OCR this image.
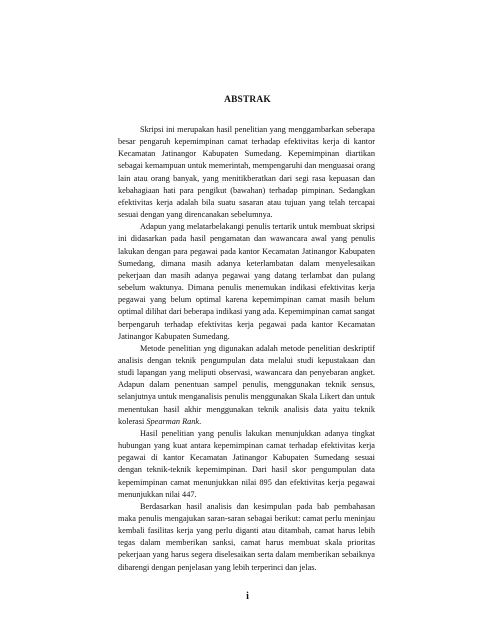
ABSTRAK

Skripsi ini merupakan hasil penelitian yang menggambarkan seberapa besar pengaruh kepemimpinan camat terhadap efektivitas kerja di kantor Kecamatan Jatinangor Kabupaten Sumedang. Kepemimpinan diartikan sebagai kemampuan untuk memerintah, mempengaruhi dan menguasai orang lain atau orang banyak, yang menitikberatkan dari segi rasa kepuasan dan kebahagiaan hati para pengikut (bawahan) terhadap pimpinan. Sedangkan efektivitas kerja adalah bila suatu sasaran atau tujuan yang telah tercapai sesuai dengan yang direncanakan sebelumnya.

Adapun yang melatarbelakangi penulis tertarik untuk membuat skripsi ini didasarkan pada hasil pengamatan dan wawancara awal yang penulis lakukan dengan para pegawai pada kantor Kecamatan Jatinangor Kabupaten Sumedang, dimana masih adanya keterlambatan dalam menyelesaikan pekerjaan dan masih adanya pegawai yang datang terlambat dan pulang sebelum waktunya. Dimana penulis menemukan indikasi efektivitas kerja pegawai yang belum optimal karena kepemimpinan camat masih belum optimal dilihat dari beberapa indikasi yang ada. Kepemimpinan camat sangat berpengaruh terhadap efektivitas kerja pegawai pada kantor Kecamatan Jatinangor Kabupaten Sumedang.

Metode penelitian yng digunakan adalah metode penelitian deskriptif analisis dengan teknik pengumpulan data melalui studi kepustakaan dan studi lapangan yang meliputi observasi, wawancara dan penyebaran angket. Adapun dalam penentuan sampel penulis, menggunakan teknik sensus, selanjutnya untuk menganalisis penulis menggunakan Skala Likert dan untuk menentukan hasil akhir menggunakan teknik analisis data yaitu teknik kolerasi Spearman Rank.

Hasil penelitian yang penulis lakukan menunjukkan adanya tingkat hubungan yang kuat antara kepemimpinan camat terhadap efektivitas kerja pegawai di kantor Kecamatan Jatinangor Kabupaten Sumedang sesuai dengan teknik-teknik kepemimpinan. Dari hasil skor pengumpulan data kepemimpinan camat menunjukkan nilai 895 dan efektivitas kerja pegawai menunjukkan nilai 447.

Berdasarkan hasil analisis dan kesimpulan pada bab pembahasan maka penulis mengajukan saran-saran sebagai berikut: camat perlu meninjau kembali fasilitas kerja yang perlu diganti atau ditambah, camat harus lebih tegas dalam memberikan sanksi, camat harus membuat skala prioritas pekerjaan yang harus segera diselesaikan serta dalam memberikan sebaiknya dibarengi dengan penjelasan yang lebih terperinci dan jelas.

i
